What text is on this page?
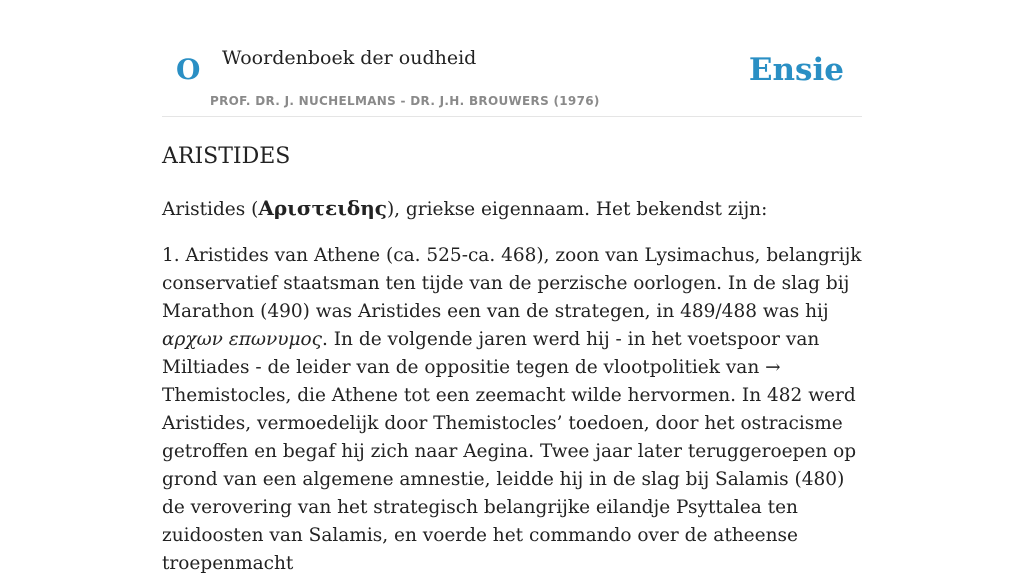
O Woordenboek der oudheid
PROF. DR. J. NUCHELMANS - DR. J.H. BROUWERS (1976)
Ensie
ARISTIDES

Aristides (Αριστειδης), griekse eigennaam. Het bekendst zijn:

1. Aristides van Athene (ca. 525-ca. 468), zoon van Lysimachus, belangrijk conservatief staatsman ten tijde van de perzische oorlogen. In de slag bij Marathon (490) was Aristides een van de strategen, in 489/488 was hij αρχων επωνυμος. In de volgende jaren werd hij - in het voetspoor van Miltiades - de leider van de oppositie tegen de vlootpolitiek van → Themistocles, die Athene tot een zeemacht wilde hervormen. In 482 werd Aristides, vermoedelijk door Themistocles’ toedoen, door het ostracisme getroffen en begaf hij zich naar Aegina. Twee jaar later teruggeroepen op grond van een algemene amnestie, leidde hij in de slag bij Salamis (480) de verovering van het strategisch belangrijke eilandje Psyttalea ten zuidoosten van Salamis, en voerde het commando over de atheense troepenmacht
